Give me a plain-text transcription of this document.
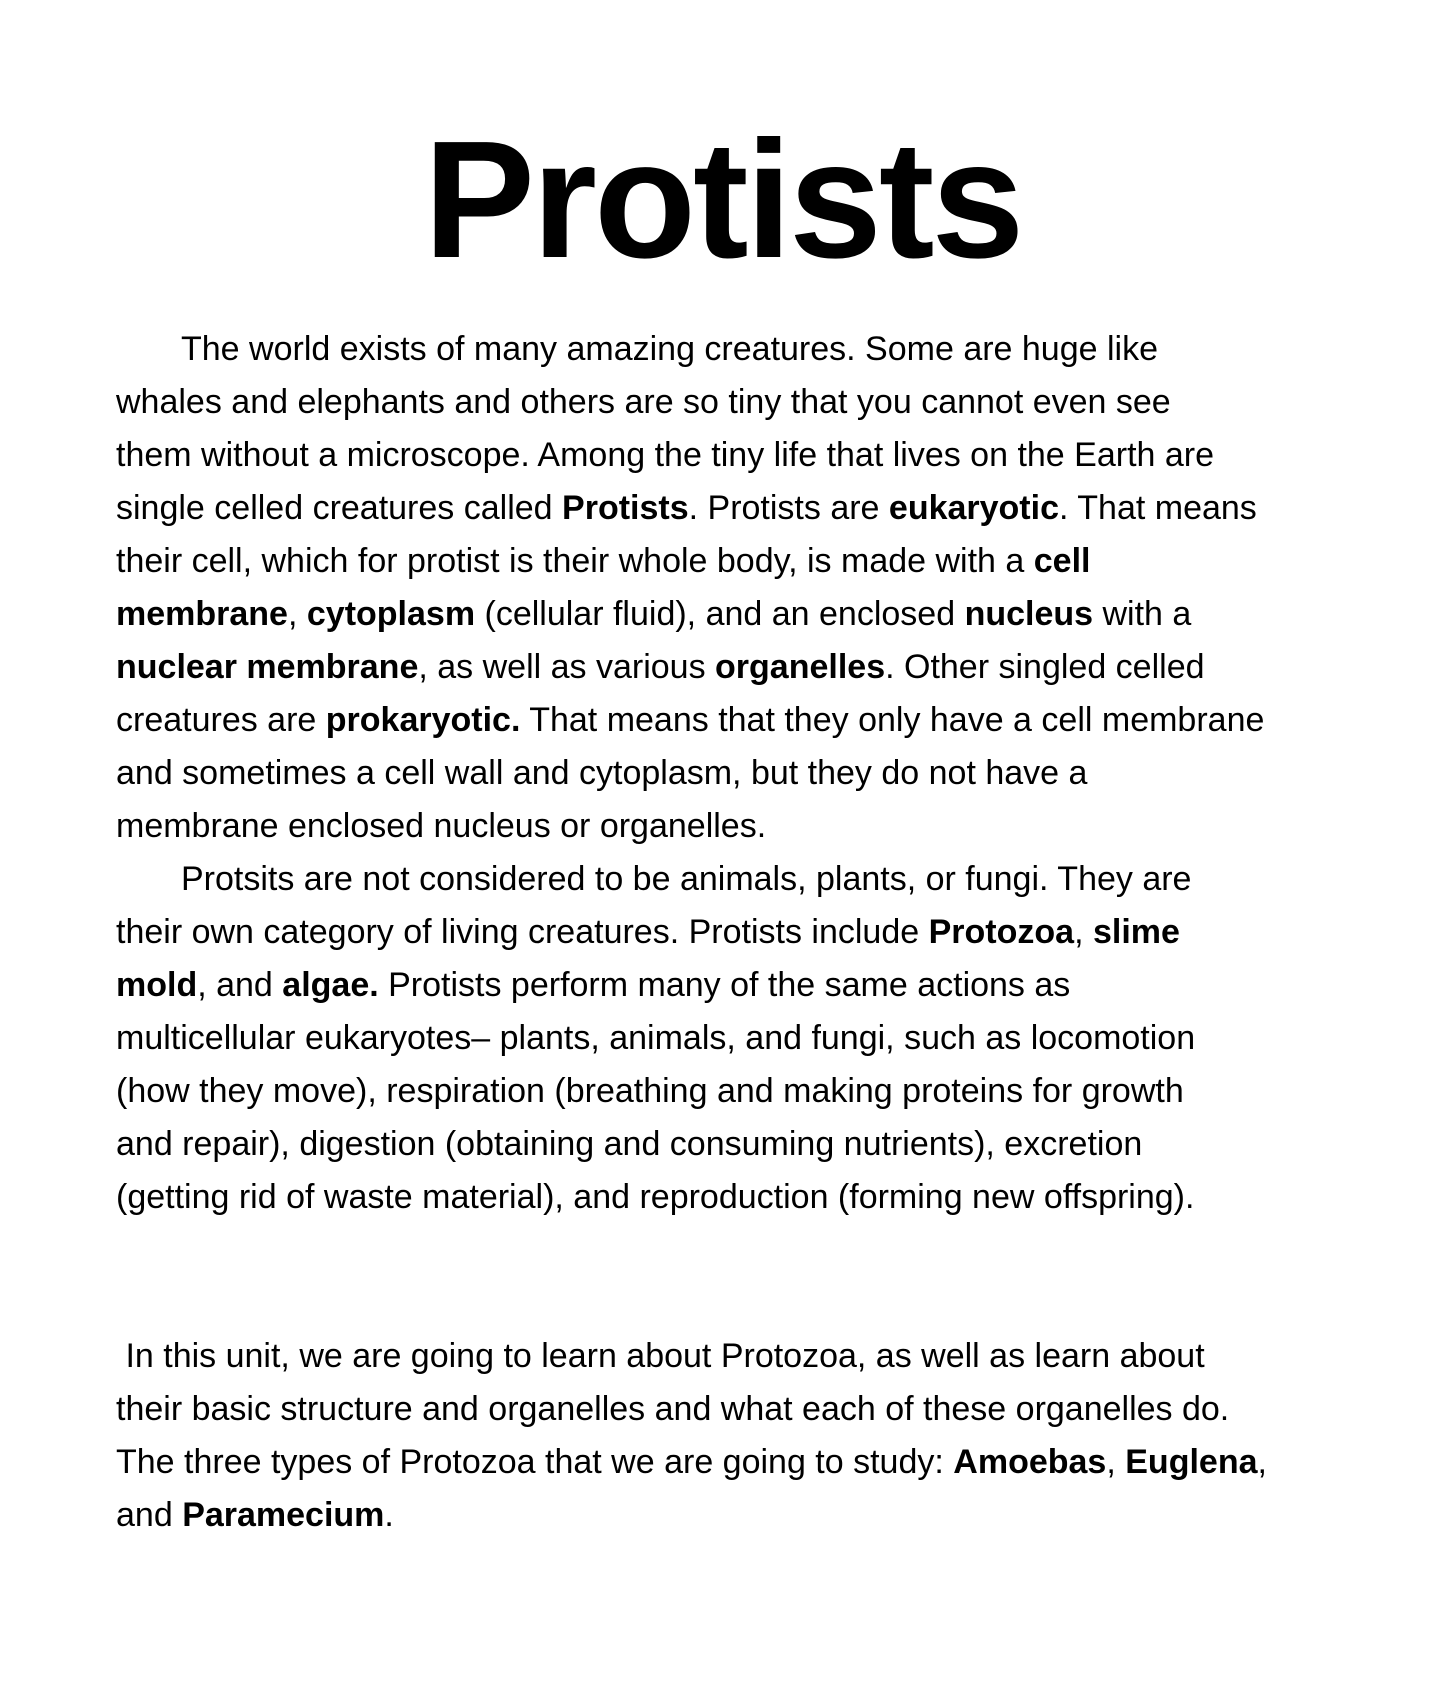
Protists
The world exists of many amazing creatures. Some are huge like
whales and elephants and others are so tiny that you cannot even see
them without a microscope. Among the tiny life that lives on the Earth are
single celled creatures called Protists. Protists are eukaryotic. That means
their cell, which for protist is their whole body, is made with a cell
membrane, cytoplasm (cellular fluid), and an enclosed nucleus with a
nuclear membrane, as well as various organelles. Other singled celled
creatures are prokaryotic. That means that they only have a cell membrane
and sometimes a cell wall and cytoplasm, but they do not have a
membrane enclosed nucleus or organelles.
Protsits are not considered to be animals, plants, or fungi. They are
their own category of living creatures. Protists include Protozoa, slime
mold, and algae. Protists perform many of the same actions as
multicellular eukaryotes– plants, animals, and fungi, such as locomotion
(how they move), respiration (breathing and making proteins for growth
and repair), digestion (obtaining and consuming nutrients), excretion
(getting rid of waste material), and reproduction (forming new offspring).

In this unit, we are going to learn about Protozoa, as well as learn about
their basic structure and organelles and what each of these organelles do.
The three types of Protozoa that we are going to study: Amoebas, Euglena,
and Paramecium.
